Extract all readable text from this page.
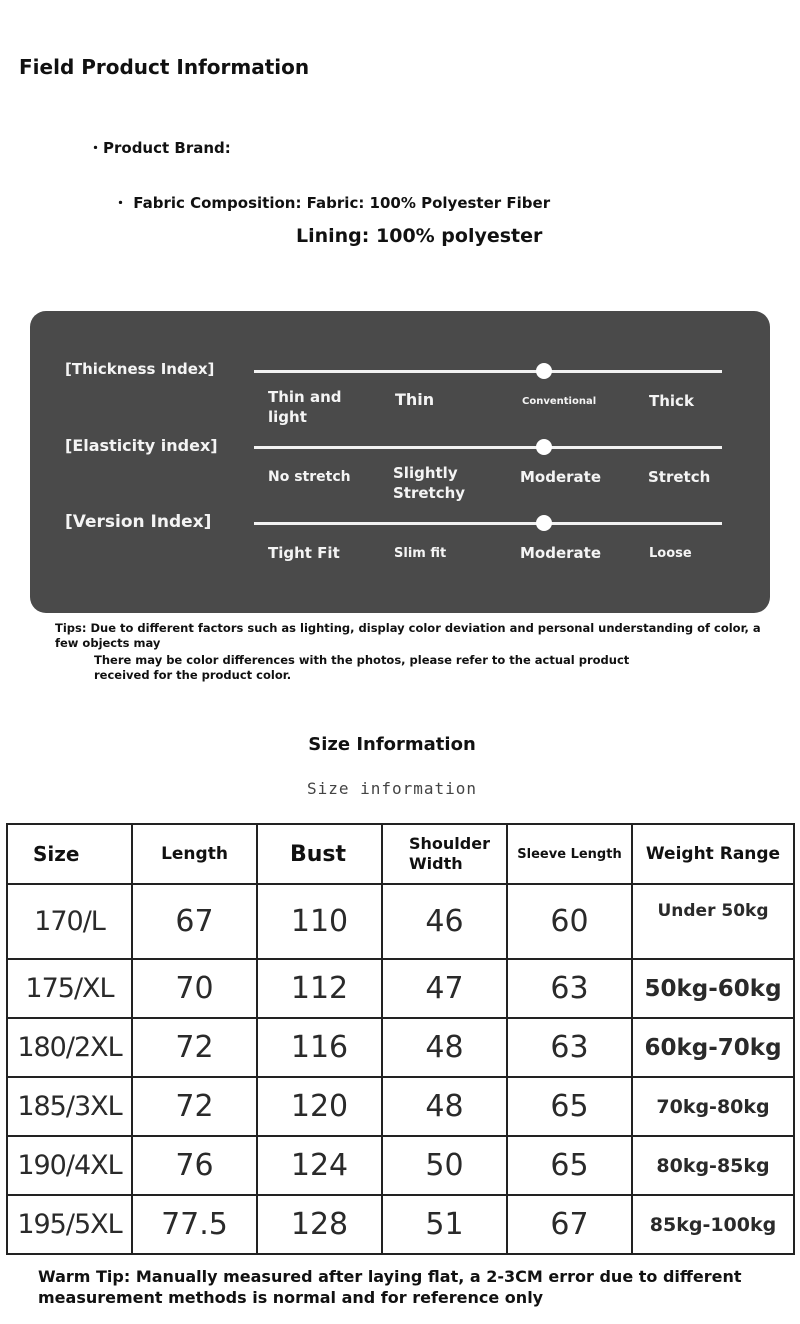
Field Product Information
・Product Brand:
・ Fabric Composition: Fabric: 100% Polyester Fiber
Lining: 100% polyester
[Thickness Index]
Thin and light
Thin	Conventional	Thick
[Elasticity index]
No stretch	Slightly Stretchy
Moderate	Stretch
[Version Index]
Tight Fit	Slim fit	Moderate	Loose
Tips: Due to different factors such as lighting, display color deviation and personal understanding of color, a few objects may
There may be color differences with the photos, please refer to the actual product received for the product color.
Size Information
Size information
Size	Length	Bust	Shoulder Width	Sleeve Length	Weight Range
170/L	67	110	46	60	Under 50kg
175/XL	70	112	47	63	50kg-60kg
180/2XL	72	116	48	63	60kg-70kg
185/3XL	72	120	48	65	70kg-80kg
190/4XL	76	124	50	65	80kg-85kg
195/5XL	77.5	128	51	67	85kg-100kg
Warm Tip: Manually measured after laying flat, a 2-3CM error due to different measurement methods is normal and for reference only
